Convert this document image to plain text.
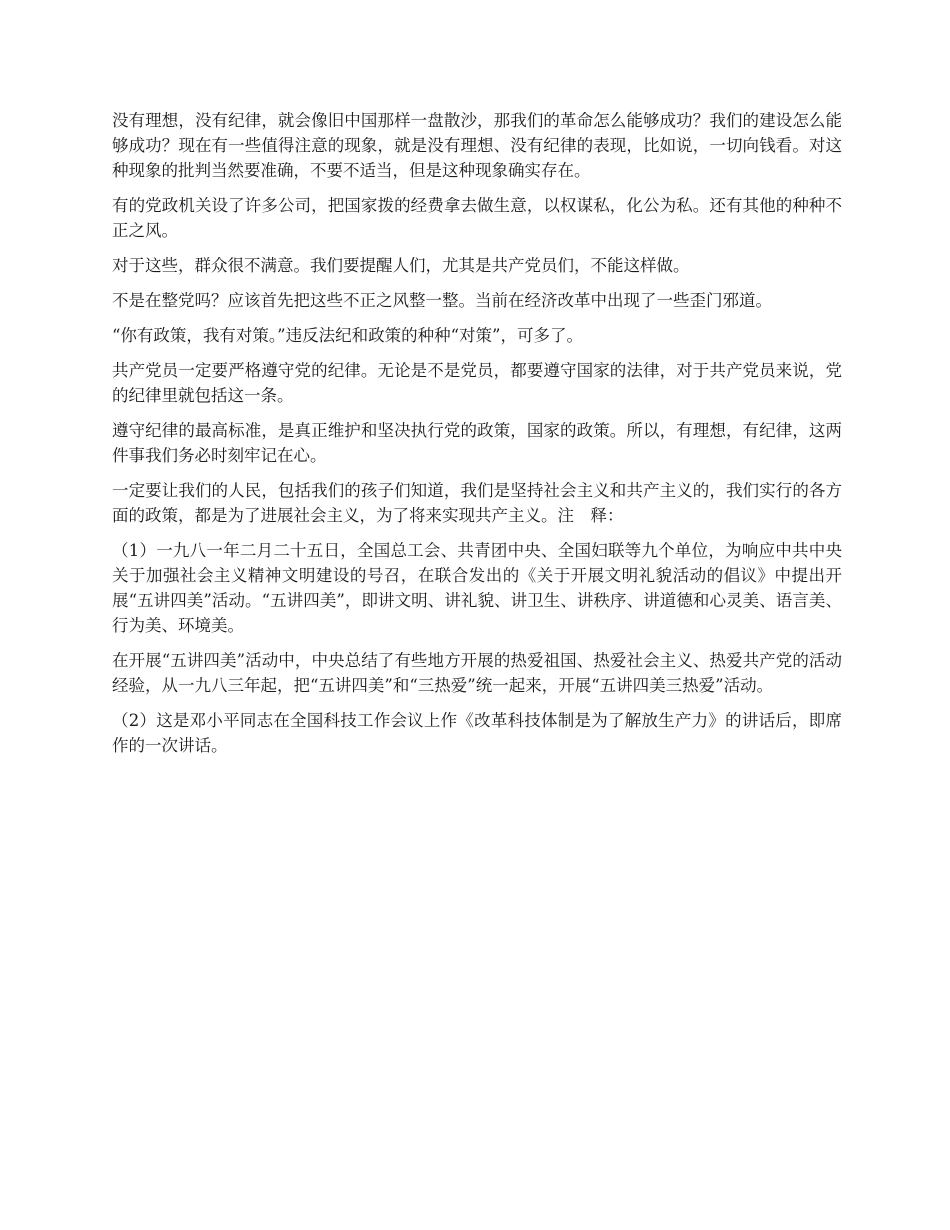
没有理想，没有纪律，就会像旧中国那样一盘散沙，那我们的革命怎么能够成功？我们的建设怎么能够成功？现在有一些值得注意的现象，就是没有理想、没有纪律的表现，比如说，一切向钱看。对这种现象的批判当然要准确，不要不适当，但是这种现象确实存在。

有的党政机关设了许多公司，把国家拨的经费拿去做生意，以权谋私，化公为私。还有其他的种种不正之风。

对于这些，群众很不满意。我们要提醒人们，尤其是共产党员们，不能这样做。

不是在整党吗？应该首先把这些不正之风整一整。当前在经济改革中出现了一些歪门邪道。

“你有政策，我有对策。”违反法纪和政策的种种“对策”，可多了。

共产党员一定要严格遵守党的纪律。无论是不是党员，都要遵守国家的法律，对于共产党员来说，党的纪律里就包括这一条。

遵守纪律的最高标准，是真正维护和坚决执行党的政策，国家的政策。所以，有理想，有纪律，这两件事我们务必时刻牢记在心。

一定要让我们的人民，包括我们的孩子们知道，我们是坚持社会主义和共产主义的，我们实行的各方面的政策，都是为了进展社会主义，为了将来实现共产主义。注　释：

（1）一九八一年二月二十五日，全国总工会、共青团中央、全国妇联等九个单位，为响应中共中央关于加强社会主义精神文明建设的号召，在联合发出的《关于开展文明礼貌活动的倡议》中提出开展“五讲四美”活动。“五讲四美”，即讲文明、讲礼貌、讲卫生、讲秩序、讲道德和心灵美、语言美、行为美、环境美。

在开展“五讲四美”活动中，中央总结了有些地方开展的热爱祖国、热爱社会主义、热爱共产党的活动经验，从一九八三年起，把“五讲四美”和“三热爱”统一起来，开展“五讲四美三热爱”活动。

（2）这是邓小平同志在全国科技工作会议上作《改革科技体制是为了解放生产力》的讲话后，即席作的一次讲话。
